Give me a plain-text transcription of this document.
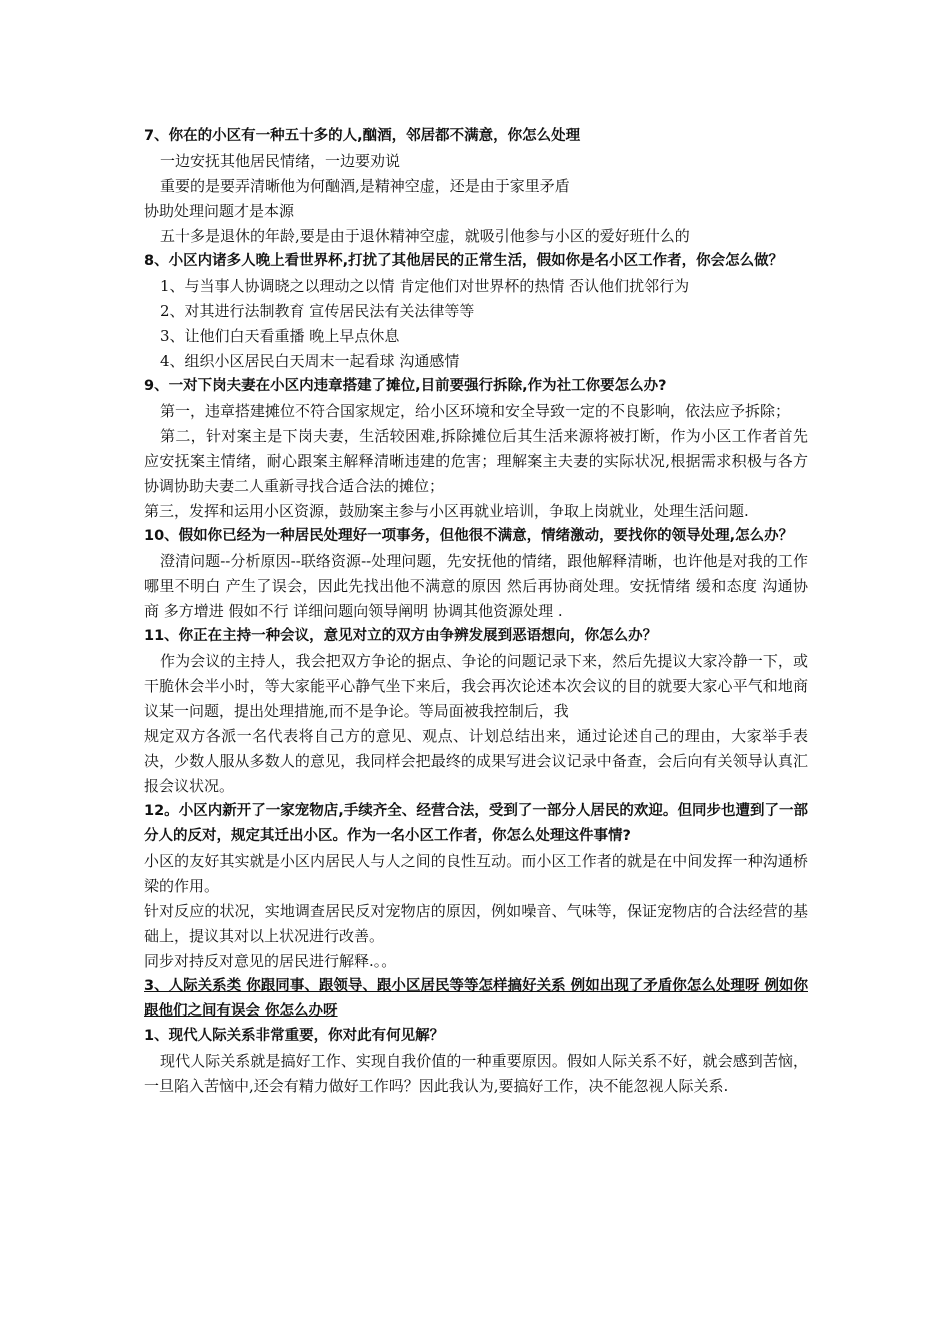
7、你在的小区有一种五十多的人,酗酒，邻居都不满意，你怎么处理

一边安抚其他居民情绪，一边要劝说

重要的是要弄清晰他为何酗酒,是精神空虚，还是由于家里矛盾

协助处理问题才是本源

五十多是退休的年龄,要是由于退休精神空虚，就吸引他参与小区的爱好班什么的

8、小区内诸多人晚上看世界杯,打扰了其他居民的正常生活，假如你是名小区工作者，你会怎么做？

1、与当事人协调晓之以理动之以情 肯定他们对世界杯的热情 否认他们扰邻行为

2、对其进行法制教育 宣传居民法有关法律等等

3、让他们白天看重播 晚上早点休息

4、组织小区居民白天周末一起看球 沟通感情

9、一对下岗夫妻在小区内违章搭建了摊位,目前要强行拆除,作为社工你要怎么办?

第一，违章搭建摊位不符合国家规定，给小区环境和安全导致一定的不良影响，依法应予拆除；

第二，针对案主是下岗夫妻，生活较困难,拆除摊位后其生活来源将被打断，作为小区工作者首先应安抚案主情绪，耐心跟案主解释清晰违建的危害；理解案主夫妻的实际状况,根据需求积极与各方协调协助夫妻二人重新寻找合适合法的摊位；

第三，发挥和运用小区资源，鼓励案主参与小区再就业培训，争取上岗就业，处理生活问题.

10、假如你已经为一种居民处理好一项事务，但他很不满意，情绪激动，要找你的领导处理,怎么办？

澄清问题--分析原因--联络资源--处理问题，先安抚他的情绪，跟他解释清晰，也许他是对我的工作哪里不明白 产生了误会，因此先找出他不满意的原因 然后再协商处理。安抚情绪 缓和态度 沟通协商 多方增进 假如不行 详细问题向领导阐明 协调其他资源处理 .

11、你正在主持一种会议，意见对立的双方由争辨发展到恶语想向，你怎么办？

作为会议的主持人，我会把双方争论的据点、争论的问题记录下来，然后先提议大家冷静一下，或干脆休会半小时，等大家能平心静气坐下来后，我会再次论述本次会议的目的就要大家心平气和地商议某一问题，提出处理措施,而不是争论。等局面被我控制后，我

规定双方各派一名代表将自己方的意见、观点、计划总结出来，通过论述自己的理由，大家举手表决，少数人服从多数人的意见，我同样会把最终的成果写进会议记录中备查，会后向有关领导认真汇报会议状况。

12。小区内新开了一家宠物店,手续齐全、经营合法，受到了一部分人居民的欢迎。但同步也遭到了一部分人的反对，规定其迁出小区。作为一名小区工作者，你怎么处理这件事情?

小区的友好其实就是小区内居民人与人之间的良性互动。而小区工作者的就是在中间发挥一种沟通桥梁的作用。

针对反应的状况，实地调查居民反对宠物店的原因，例如噪音、气味等，保证宠物店的合法经营的基础上，提议其对以上状况进行改善。

同步对持反对意见的居民进行解释.。。

3、人际关系类 你跟同事、跟领导、跟小区居民等等怎样搞好关系 例如出现了矛盾你怎么处理呀 例如你跟他们之间有误会 你怎么办呀

1、现代人际关系非常重要，你对此有何见解？

现代人际关系就是搞好工作、实现自我价值的一种重要原因。假如人际关系不好，就会感到苦恼，一旦陷入苦恼中,还会有精力做好工作吗？因此我认为,要搞好工作，决不能忽视人际关系.
